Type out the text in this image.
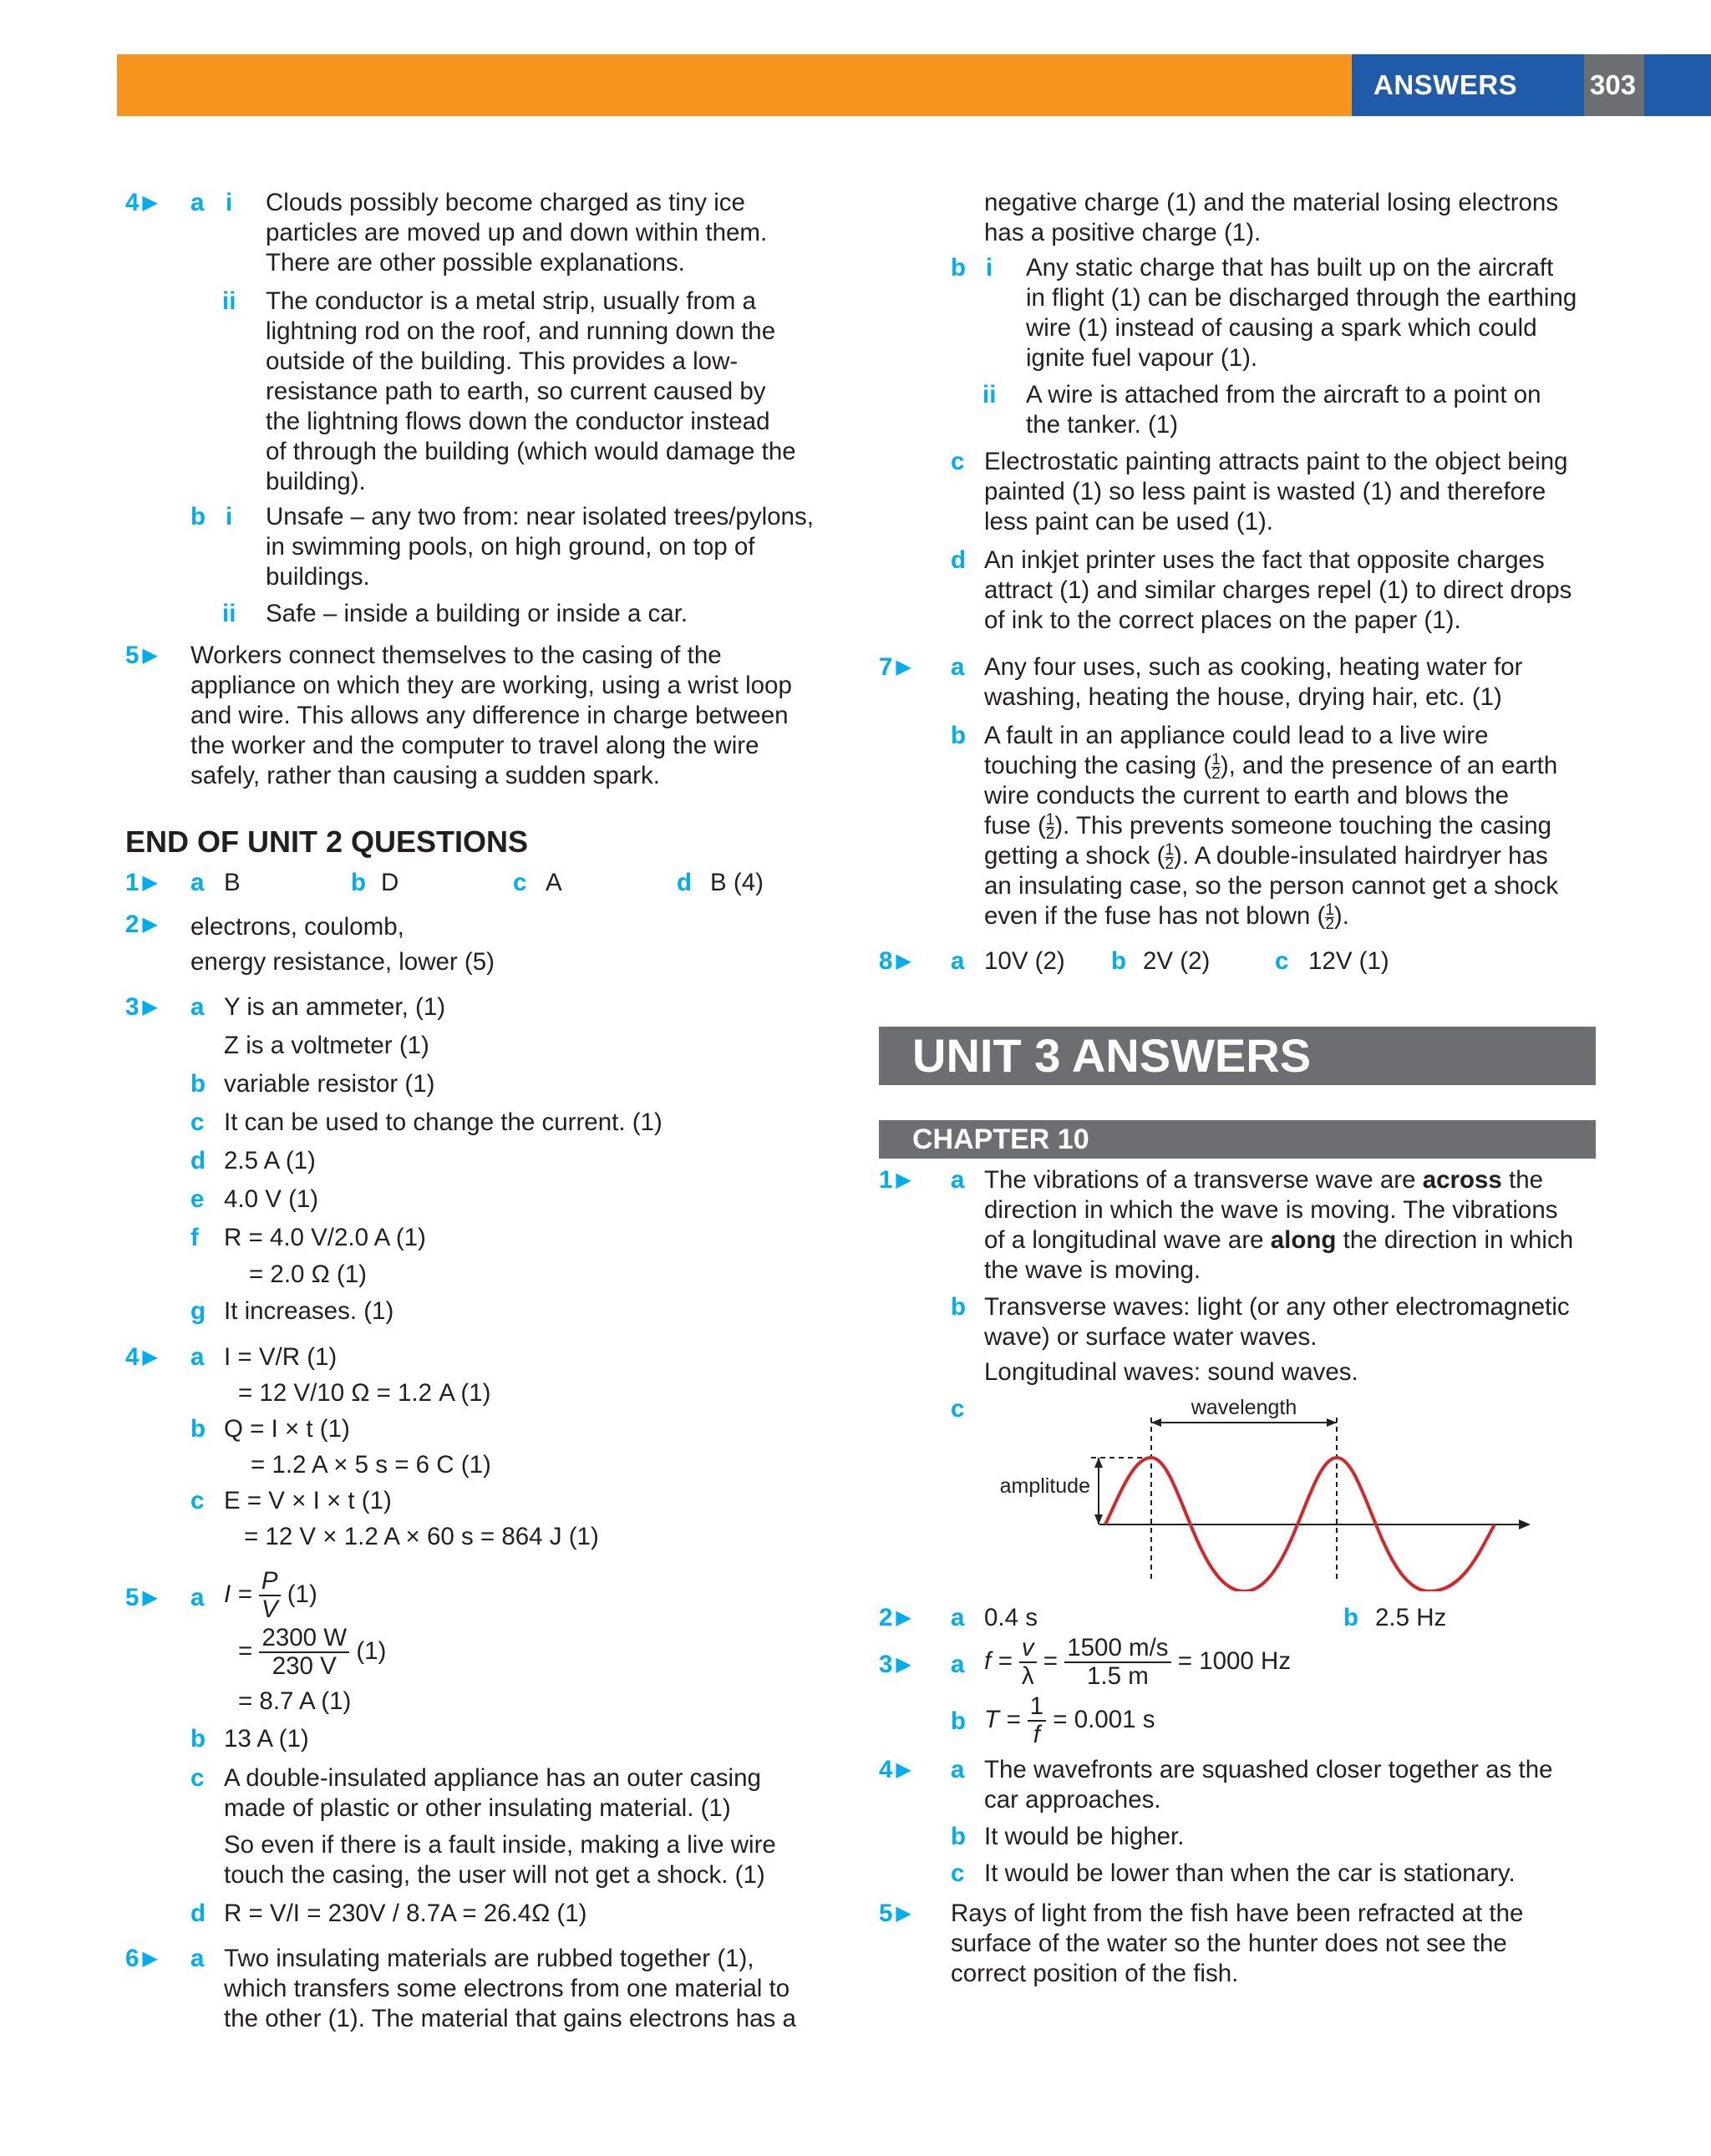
ANSWERS	303
4 ▶ a i Clouds possibly become charged as tiny ice
particles are moved up and down within them.
There are other possible explanations.
ii The conductor is a metal strip, usually from a
lightning rod on the roof, and running down the
outside of the building. This provides a low-
resistance path to earth, so current caused by
the lightning flows down the conductor instead
of through the building (which would damage the
building).
b i Unsafe – any two from: near isolated trees/pylons,
in swimming pools, on high ground, on top of
buildings.
ii Safe – inside a building or inside a car.
5 ▶ Workers connect themselves to the casing of the
appliance on which they are working, using a wrist loop
and wire. This allows any difference in charge between
the worker and the computer to travel along the wire
safely, rather than causing a sudden spark.
END OF UNIT 2 QUESTIONS
1 ▶ a B	b D	c A	d B (4)

2 ▶ electrons, coulomb,
energy resistance, lower (5)
3 ▶ a Y is an ammeter, (1)
Z is a voltmeter (1)
b variable resistor (1)
c It can be used to change the current. (1)
d 2.5 A (1)
e 4.0 V (1)
f R = 4.0 V/2.0 A (1)
= 2.0 Ω (1)
g It increases. (1)
4 ▶ a I = V/R (1)
= 12 V/10 Ω = 1.2 A (1)
b Q = I × t (1)
= 1.2 A × 5 s = 6 C (1)
c E = V × I × t (1)
= 12 V × 1.2 A × 60 s = 864 J (1)
5 ▶ a $I = \frac{P}{V} (1)$
= $\frac{2300 W}{230 V} (1)$
= 8.7 A (1)
b 13 A (1)
c A double-insulated appliance has an outer casing
made of plastic or other insulating material. (1)
So even if there is a fault inside, making a live wire
touch the casing, the user will not get a shock. (1)
d R = V/I = 230V / 8.7A = 26.4Ω (1)
6 ▶ a Two insulating materials are rubbed together (1),
which transfers some electrons from one material to
the other (1). The material that gains electrons has a
negative charge (1) and the material losing electrons
has a positive charge (1).
b i Any static charge that has built up on the aircraft
in flight (1) can be discharged through the earthing
wire (1) instead of causing a spark which could
ignite fuel vapour (1).
ii A wire is attached from the aircraft to a point on
the tanker. (1)
c Electrostatic painting attracts paint to the object being
painted (1) so less paint is wasted (1) and therefore
less paint can be used (1).
d An inkjet printer uses the fact that opposite charges
attract (1) and similar charges repel (1) to direct drops
of ink to the correct places on the paper (1).
7 ▶ a Any four uses, such as cooking, heating water for
washing, heating the house, drying hair, etc. (1)
b A fault in an appliance could lead to a live wire
touching the casing ( $\frac{1}{2}$), and the presence of an earth
wire conducts the current to earth and blows the
fuse ( $\frac{1}{2}$). This prevents someone touching the casing
getting a shock ( $\frac{1}{2}$). A double-insulated hairdryer has
an insulating case, so the person cannot get a shock
even if the fuse has not blown ( $\frac{1}{2}$).
8 ▶ a 10V (2) b 2V (2)	c 12V (1)

UNIT 3 ANSWERS
CHAPTER 10
1 ▶ a The vibrations of a transverse wave are across the
direction in which the wave is moving. The vibrations
of a longitudinal wave are along the direction in which
the wave is moving.
b Transverse waves: light (or any other electromagnetic
wave) or surface water waves.
Longitudinal waves: sound waves.
c	wavelength
amplitude
2 ▶ a 0.4 s	b 2.5 Hz

3 ▶ a $f = \frac{v}{\lambda} = \frac{1500 m/s}{1.5 m} = 1000$ Hz
b $T = \frac{1}{f} = 0.001$ s
4 ▶ a The wavefronts are squashed closer together as the
car approaches.
b It would be higher.
c It would be lower than when the car is stationary.
5 ▶ Rays of light from the fish have been refracted at the
surface of the water so the hunter does not see the
correct position of the fish.
